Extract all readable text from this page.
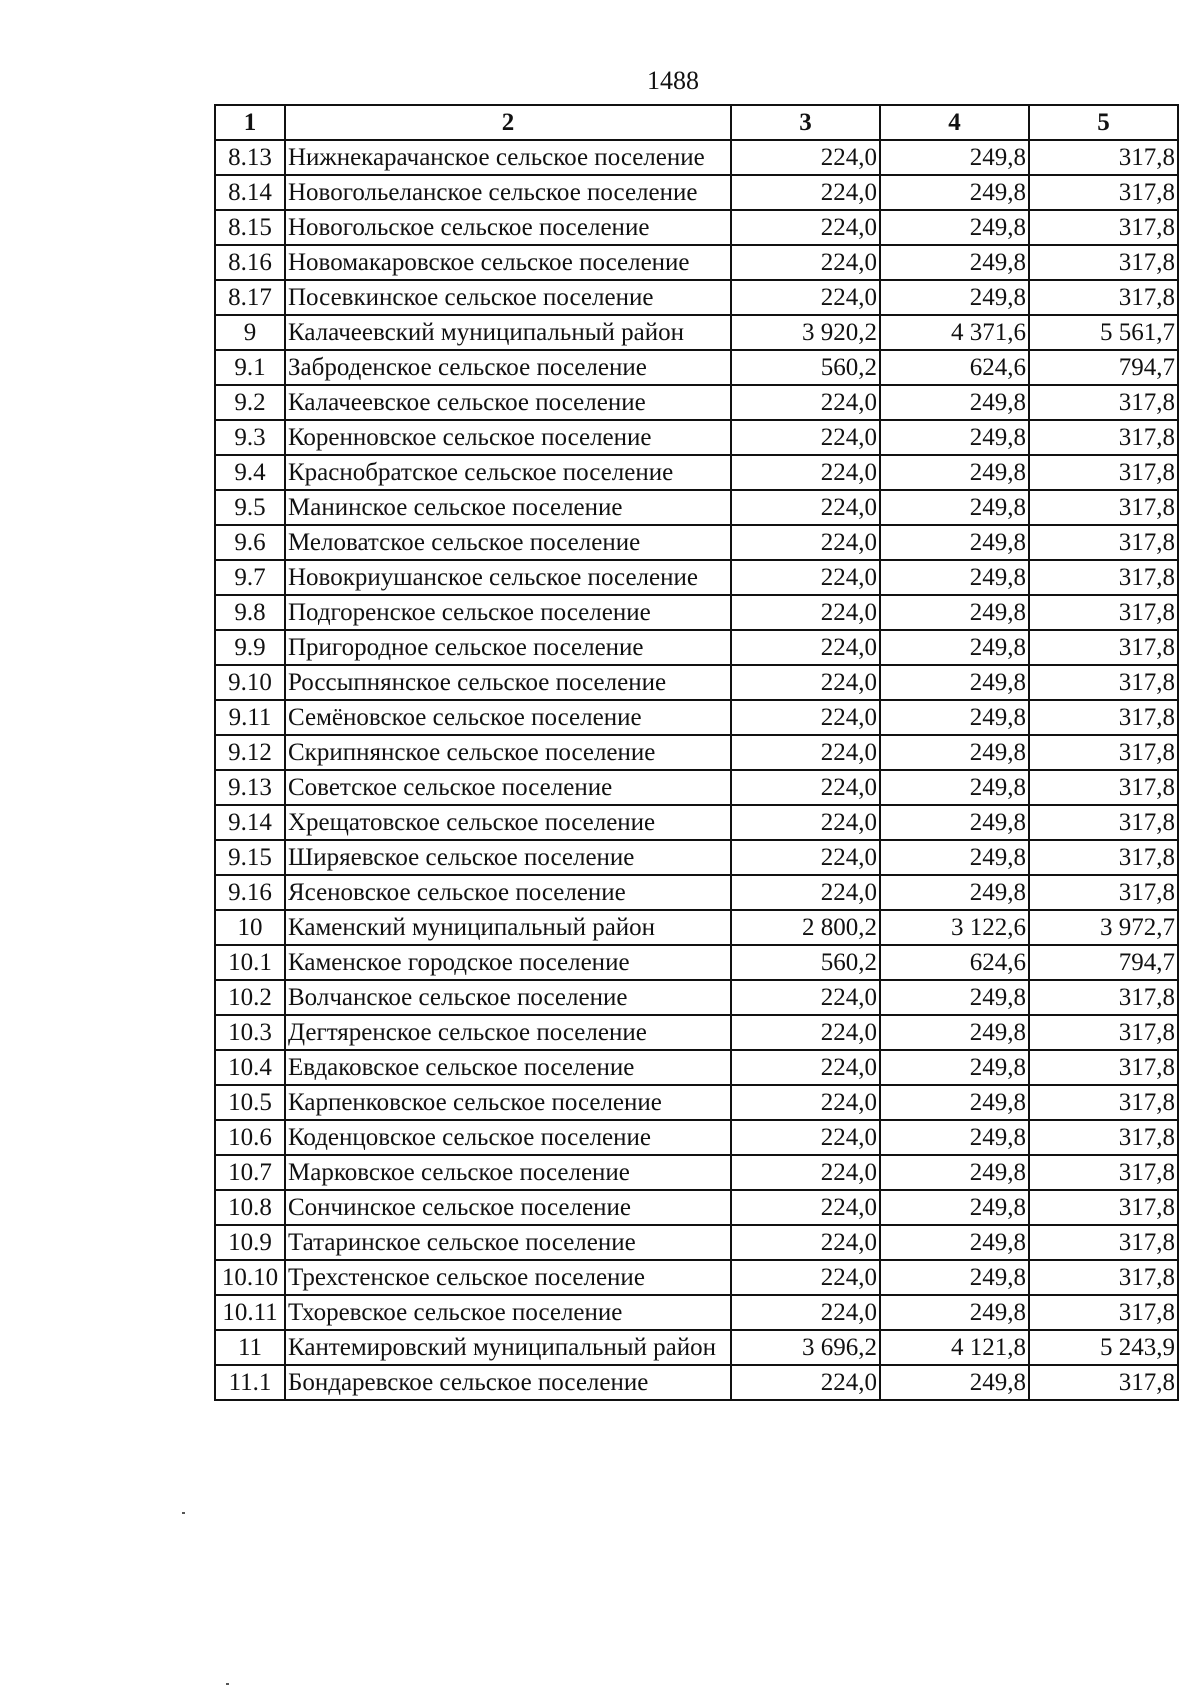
1488
1	2	3	4	5
8.13	Нижнекарачанское сельское поселение	224,0	249,8	317,8
8.14	Новогольеланское сельское поселение	224,0	249,8	317,8
8.15	Новогольское сельское поселение	224,0	249,8	317,8
8.16	Новомакаровское сельское поселение	224,0	249,8	317,8
8.17	Посевкинское сельское поселение	224,0	249,8	317,8
9	Калачеевский муниципальный район	3 920,2	4 371,6	5 561,7
9.1	Заброденское сельское поселение	560,2	624,6	794,7
9.2	Калачеевское сельское поселение	224,0	249,8	317,8
9.3	Коренновское сельское поселение	224,0	249,8	317,8
9.4	Краснобратское сельское поселение	224,0	249,8	317,8
9.5	Манинское сельское поселение	224,0	249,8	317,8
9.6	Меловатское сельское поселение	224,0	249,8	317,8
9.7	Новокриушанское сельское поселение	224,0	249,8	317,8
9.8	Подгоренское сельское поселение	224,0	249,8	317,8
9.9	Пригородное сельское поселение	224,0	249,8	317,8
9.10	Россыпнянское сельское поселение	224,0	249,8	317,8
9.11	Семёновское сельское поселение	224,0	249,8	317,8
9.12	Скрипнянское сельское поселение	224,0	249,8	317,8
9.13	Советское сельское поселение	224,0	249,8	317,8
9.14	Хрещатовское сельское поселение	224,0	249,8	317,8
9.15	Ширяевское сельское поселение	224,0	249,8	317,8
9.16	Ясеновское сельское поселение	224,0	249,8	317,8
10	Каменский муниципальный район	2 800,2	3 122,6	3 972,7
10.1	Каменское городское поселение	560,2	624,6	794,7
10.2	Волчанское сельское поселение	224,0	249,8	317,8
10.3	Дегтяренское сельское поселение	224,0	249,8	317,8
10.4	Евдаковское сельское поселение	224,0	249,8	317,8
10.5	Карпенковское сельское поселение	224,0	249,8	317,8
10.6	Коденцовское сельское поселение	224,0	249,8	317,8
10.7	Марковское сельское поселение	224,0	249,8	317,8
10.8	Сончинское сельское поселение	224,0	249,8	317,8
10.9	Татаринское сельское поселение	224,0	249,8	317,8
10.10	Трехстенское сельское поселение	224,0	249,8	317,8
10.11	Тхоревское сельское поселение	224,0	249,8	317,8
11	Кантемировский муниципальный район	3 696,2	4 121,8	5 243,9
11.1	Бондаревское сельское поселение	224,0	249,8	317,8
